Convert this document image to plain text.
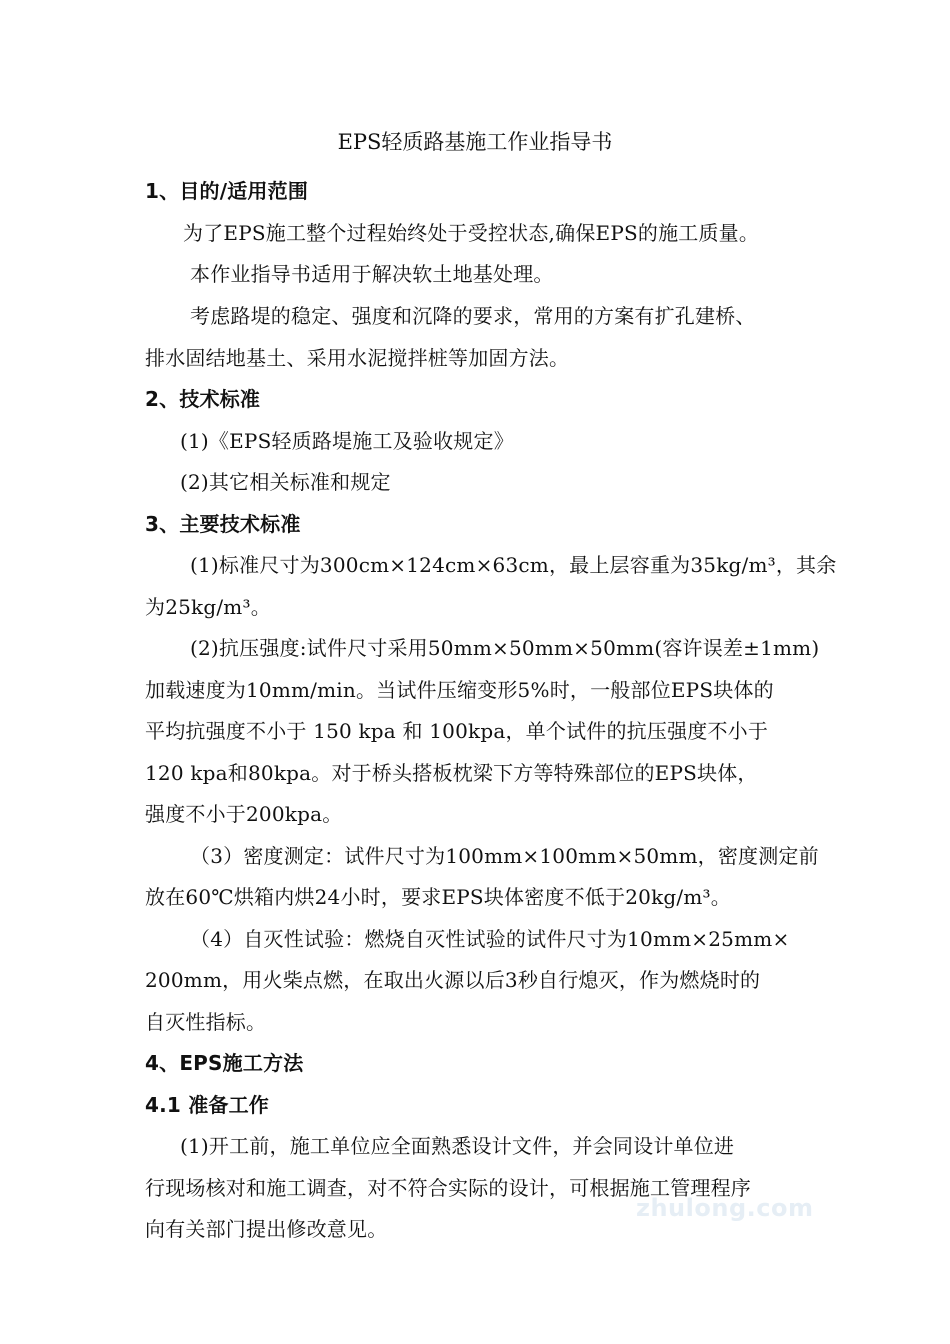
EPS轻质路基施工作业指导书
1、目的/适用范围
为了EPS施工整个过程始终处于受控状态,确保EPS的施工质量。
本作业指导书适用于解决软土地基处理。
考虑路堤的稳定、强度和沉降的要求，常用的方案有扩孔建桥、
排水固结地基土、采用水泥搅拌桩等加固方法。
2、技术标准
(1)《EPS轻质路堤施工及验收规定》
(2)其它相关标准和规定
3、主要技术标准
(1)标准尺寸为300cm×124cm×63cm，最上层容重为35kg/m³，其余
为25kg/m³。
(2)抗压强度:试件尺寸采用50mm×50mm×50mm(容许误差±1mm)
加载速度为10mm/min。当试件压缩变形5%时，一般部位EPS块体的
平均抗强度不小于 150 kpa 和 100kpa，单个试件的抗压强度不小于
120 kpa和80kpa。对于桥头搭板枕梁下方等特殊部位的EPS块体，
强度不小于200kpa。
（3）密度测定：试件尺寸为100mm×100mm×50mm，密度测定前
放在60℃烘箱内烘24小时，要求EPS块体密度不低于20kg/m³。
（4）自灭性试验：燃烧自灭性试验的试件尺寸为10mm×25mm×
200mm，用火柴点燃，在取出火源以后3秒自行熄灭，作为燃烧时的
自灭性指标。
4、EPS施工方法
4.1 准备工作
(1)开工前，施工单位应全面熟悉设计文件，并会同设计单位进
行现场核对和施工调查，对不符合实际的设计，可根据施工管理程序
向有关部门提出修改意见。
zhulong.com
